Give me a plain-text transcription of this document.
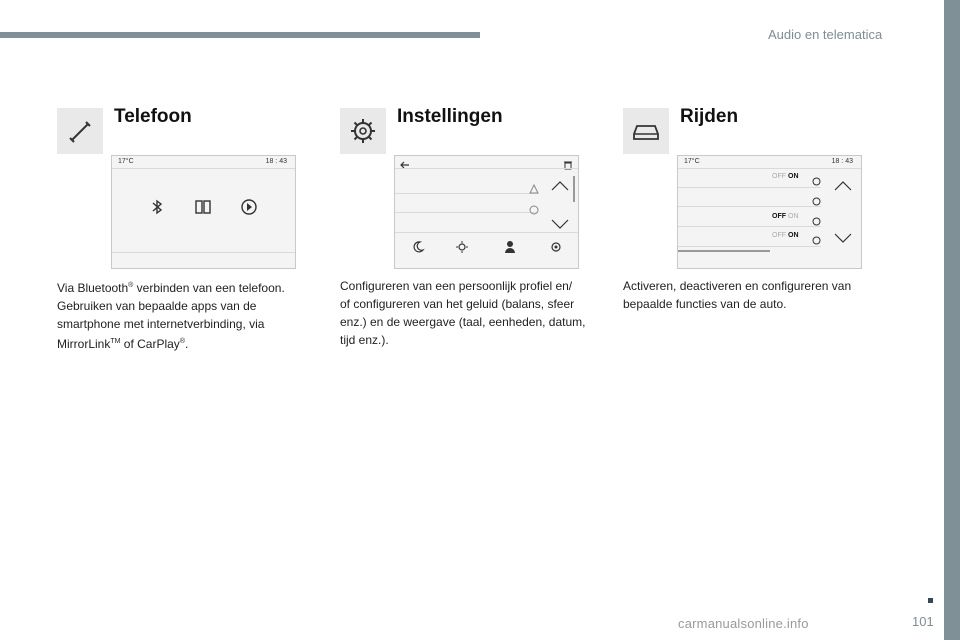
Audio en telematica
Telefoon
17°C	18 : 43
Via Bluetooth® verbinden van een telefoon.
Gebruiken van bepaalde apps van de
smartphone met internetverbinding, via
MirrorLink™ of CarPlay®.
Instellingen
Configureren van een persoonlijk profiel en/
of configureren van het geluid (balans, sfeer
enz.) en de weergave (taal, eenheden, datum,
tijd enz.).
Rijden
17°C	18 : 43
OFF ON
OFF ON
OFF ON
Activeren, deactiveren en configureren van
bepaalde functies van de auto.
101
carmanualsonline.info
